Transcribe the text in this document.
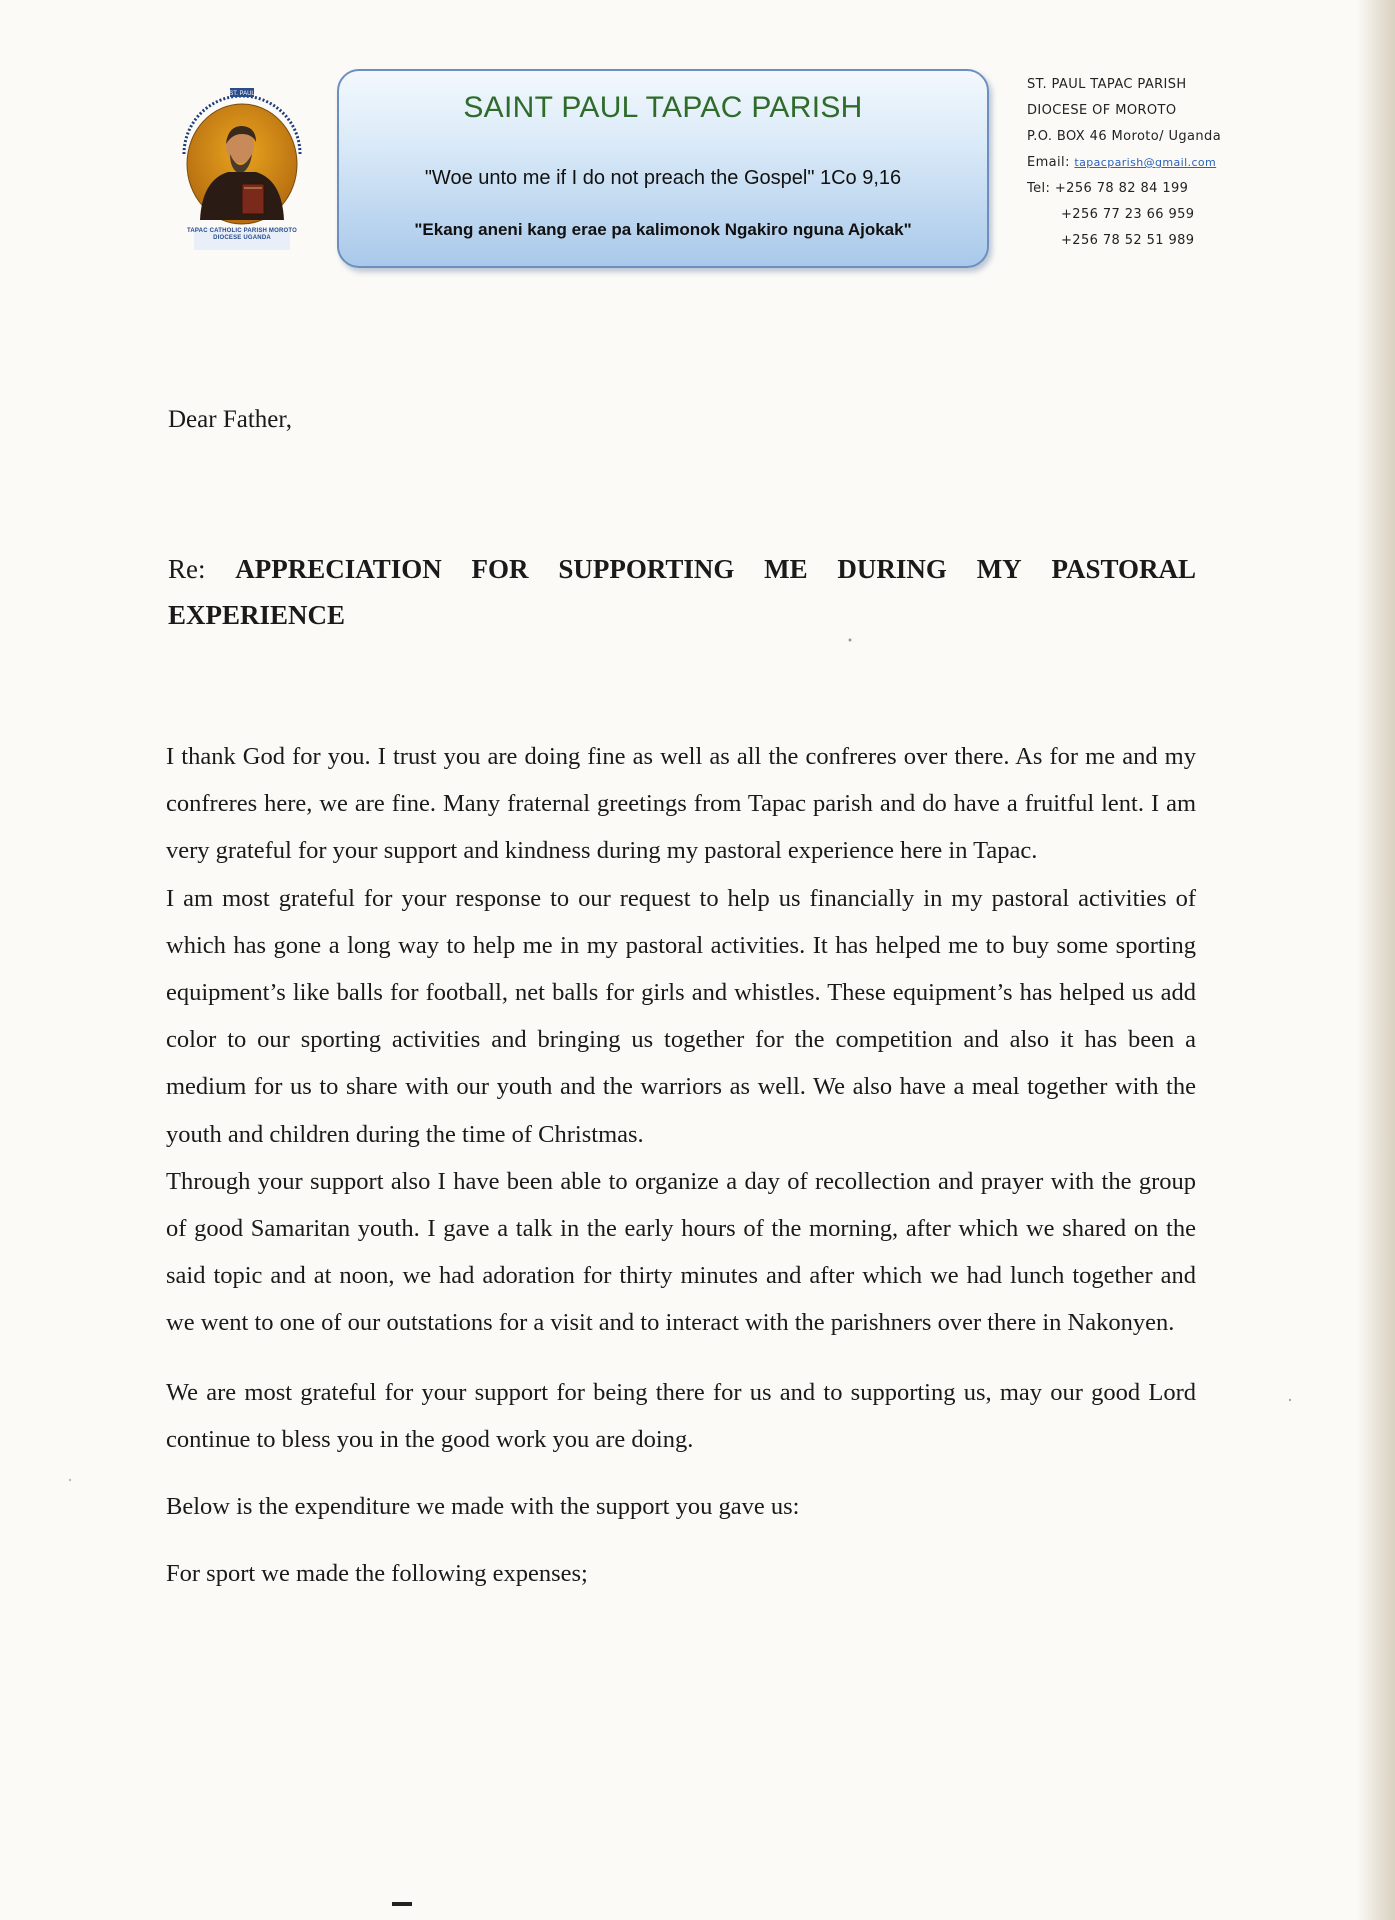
ST. PAUL
TAPAC CATHOLIC PARISH MOROTO DIOCESE UGANDA
SAINT PAUL TAPAC PARISH
"Woe unto me if I do not preach the Gospel" 1Co 9,16
"Ekang aneni kang erae pa kalimonok Ngakiro nguna Ajokak"
ST. PAUL TAPAC PARISH
DIOCESE OF MOROTO
P.O. BOX 46 Moroto/ Uganda
Email: tapacparish@gmail.com
Tel: +256 78 82 84 199
+256 77 23 66 959
+256 78 52 51 989
Dear Father,
Re: APPRECIATION FOR SUPPORTING ME DURING MY PASTORAL
EXPERIENCE

I thank God for you. I trust you are doing fine as well as all the confreres over there. As for me and my confreres here, we are fine. Many fraternal greetings from Tapac parish and do have a fruitful lent. I am very grateful for your support and kindness during my pastoral experience here in Tapac.

I am most grateful for your response to our request to help us financially in my pastoral activities of which has gone a long way to help me in my pastoral activities. It has helped me to buy some sporting equipment’s like balls for football, net balls for girls and whistles. These equipment’s has helped us add color to our sporting activities and bringing us together for the competition and also it has been a medium for us to share with our youth and the warriors as well. We also have a meal together with the youth and children during the time of Christmas.

Through your support also I have been able to organize a day of recollection and prayer with the group of good Samaritan youth. I gave a talk in the early hours of the morning, after which we shared on the said topic and at noon, we had adoration for thirty minutes and after which we had lunch together and we went to one of our outstations for a visit and to interact with the parishners over there in Nakonyen.

We are most grateful for your support for being there for us and to supporting us, may our good Lord continue to bless you in the good work you are doing.

Below is the expenditure we made with the support you gave us:

For sport we made the following expenses;
